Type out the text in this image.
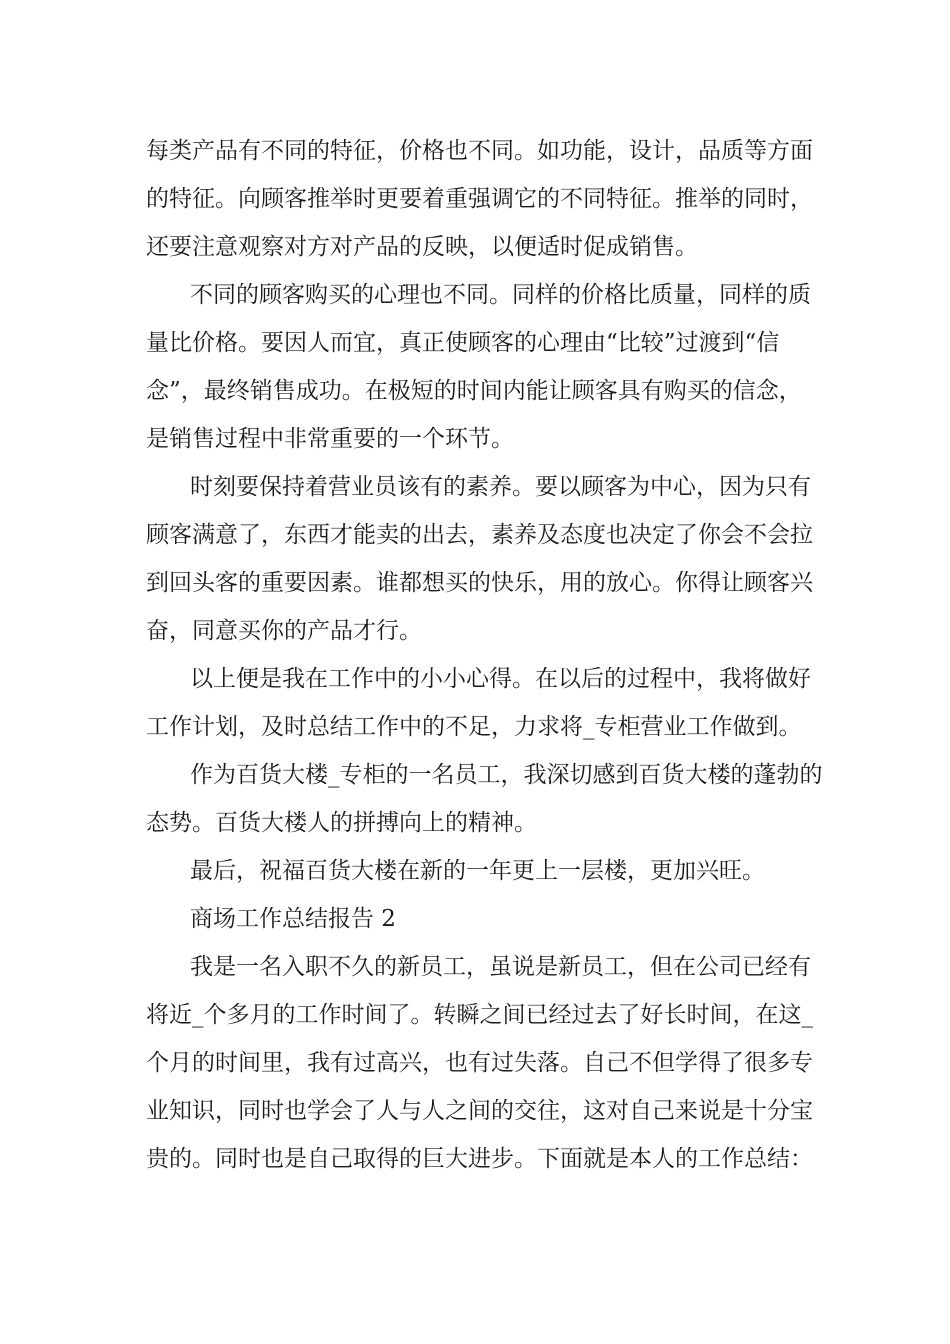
每类产品有不同的特征，价格也不同。如功能，设计，品质等方面
的特征。向顾客推举时更要着重强调它的不同特征。推举的同时，
还要注意观察对方对产品的反映，以便适时促成销售。
不同的顾客购买的心理也不同。同样的价格比质量，同样的质
量比价格。要因人而宜，真正使顾客的心理由“比较”过渡到“信
念”，最终销售成功。在极短的时间内能让顾客具有购买的信念，
是销售过程中非常重要的一个环节。
时刻要保持着营业员该有的素养。要以顾客为中心，因为只有
顾客满意了，东西才能卖的出去，素养及态度也决定了你会不会拉
到回头客的重要因素。谁都想买的快乐，用的放心。你得让顾客兴
奋，同意买你的产品才行。
以上便是我在工作中的小小心得。在以后的过程中，我将做好
工作计划，及时总结工作中的不足，力求将_专柜营业工作做到。
作为百货大楼_专柜的一名员工，我深切感到百货大楼的蓬勃的
态势。百货大楼人的拼搏向上的精神。
最后，祝福百货大楼在新的一年更上一层楼，更加兴旺。
商场工作总结报告 2
我是一名入职不久的新员工，虽说是新员工，但在公司已经有
将近_个多月的工作时间了。转瞬之间已经过去了好长时间，在这_
个月的时间里，我有过高兴，也有过失落。自己不但学得了很多专
业知识，同时也学会了人与人之间的交往，这对自己来说是十分宝
贵的。同时也是自己取得的巨大进步。下面就是本人的工作总结：
